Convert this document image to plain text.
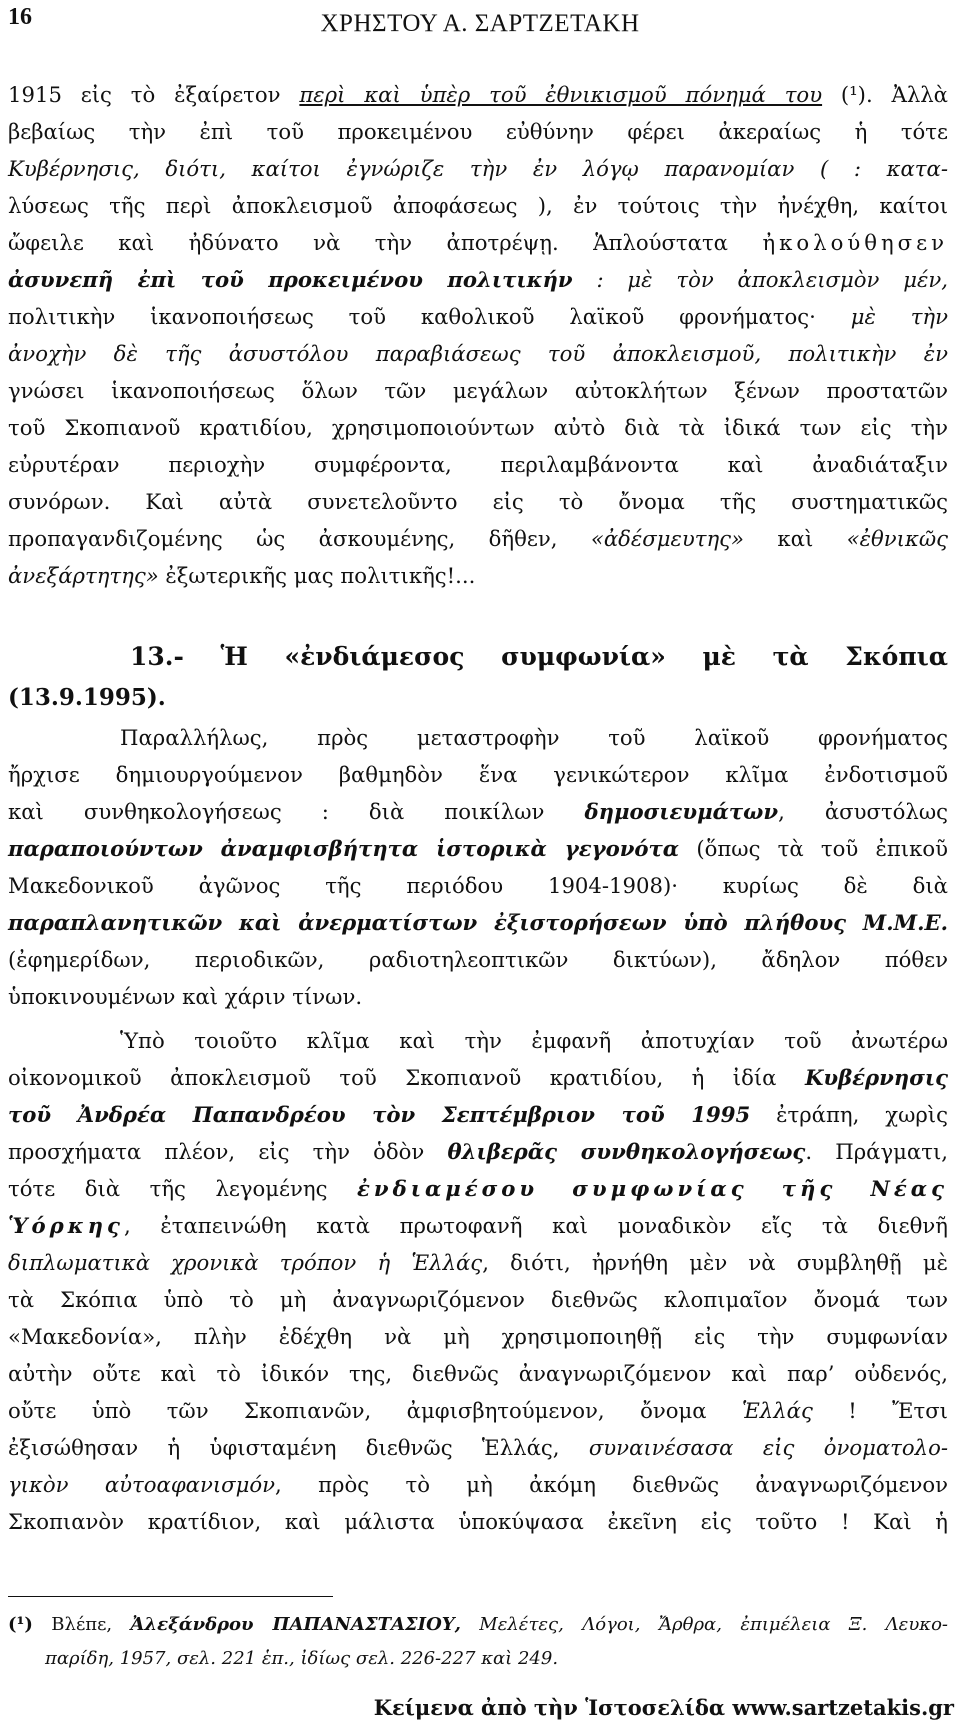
16	ΧΡΗΣΤΟΥ Α. ΣΑΡΤΖΕΤΑΚΗ
1915 εἰς τὸ ἐξαίρετον περὶ καὶ ὑπὲρ τοῦ ἐθνικισμοῦ πόνημά του (¹). Ἀλλὰ
βεβαίως τὴν ἐπὶ τοῦ προκειμένου εὐθύνην φέρει ἀκεραίως ἡ τότε
Κυβέρνησις, διότι, καίτοι ἐγνώριζε τὴν ἐν λόγῳ παρανομίαν ( : κατα-
λύσεως τῆς περὶ ἀποκλεισμοῦ ἀποφάσεως ), ἐν τούτοις τὴν ἠνέχθη, καίτοι
ὤφειλε καὶ ἠδύνατο νὰ τὴν ἀποτρέψῃ. Ἁπλούστατα ἠκολούθησεν
ἀσυνεπῆ ἐπὶ τοῦ προκειμένου πολιτικήν : μὲ τὸν ἀποκλεισμὸν μέν,
πολιτικὴν ἱκανοποιήσεως τοῦ καθολικοῦ λαϊκοῦ φρονήματος· μὲ τὴν
ἀνοχὴν δὲ τῆς ἀσυστόλου παραβιάσεως τοῦ ἀποκλεισμοῦ, πολιτικὴν ἐν
γνώσει ἱκανοποιήσεως ὅλων τῶν μεγάλων αὐτοκλήτων ξένων προστατῶν
τοῦ Σκοπιανοῦ κρατιδίου, χρησιμοποιούντων αὐτὸ διὰ τὰ ἰδικά των εἰς τὴν
εὐρυτέραν περιοχὴν συμφέροντα, περιλαμβάνοντα καὶ ἀναδιάταξιν
συνόρων. Καὶ αὐτὰ συνετελοῦντο εἰς τὸ ὄνομα τῆς συστηματικῶς
προπαγανδιζομένης ὡς ἀσκουμένης, δῆθεν, «ἀδέσμευτης» καὶ «ἐθνικῶς
ἀνεξάρτητης» ἐξωτερικῆς μας πολιτικῆς!...
13.- Ἡ «ἐνδιάμεσος συμφωνία» μὲ τὰ Σκόπια
(13.9.1995).
Παραλλήλως, πρὸς μεταστροφὴν τοῦ λαϊκοῦ φρονήματος
ἤρχισε δημιουργούμενον βαθμηδὸν ἕνα γενικώτερον κλῖμα ἐνδοτισμοῦ
καὶ συνθηκολογήσεως : διὰ ποικίλων δημοσιευμάτων, ἀσυστόλως
παραποιούντων ἀναμφισβήτητα ἱστορικὰ γεγονότα (ὅπως τὰ τοῦ ἐπικοῦ
Μακεδονικοῦ ἀγῶνος τῆς περιόδου 1904-1908)· κυρίως δὲ διὰ
παραπλανητικῶν καὶ ἀνερματίστων ἐξιστορήσεων ὑπὸ πλήθους Μ.Μ.Ε.
(ἐφημερίδων, περιοδικῶν, ραδιοτηλεοπτικῶν δικτύων), ἄδηλον πόθεν
ὑποκινουμένων καὶ χάριν τίνων.
Ὑπὸ τοιοῦτο κλῖμα καὶ τὴν ἐμφανῆ ἀποτυχίαν τοῦ ἀνωτέρω
οἰκονομικοῦ ἀποκλεισμοῦ τοῦ Σκοπιανοῦ κρατιδίου, ἡ ἰδία Κυβέρνησις
τοῦ Ἀνδρέα Παπανδρέου τὸν Σεπτέμβριον τοῦ 1995 ἐτράπη, χωρὶς
προσχήματα πλέον, εἰς τὴν ὁδὸν θλιβερᾶς συνθηκολογήσεως. Πράγματι,
τότε διὰ τῆς λεγομένης ἐνδιαμέσου συμφωνίας τῆς Νέας
Ὑόρκης, ἐταπεινώθη κατὰ πρωτοφανῆ καὶ μοναδικὸν εἴς τὰ διεθνῆ
διπλωματικὰ χρονικὰ τρόπον ἡ Ἑλλάς, διότι, ἠρνήθη μὲν νὰ συμβληθῇ μὲ
τὰ Σκόπια ὑπὸ τὸ μὴ ἀναγνωριζόμενον διεθνῶς κλοπιμαῖον ὄνομά των
«Μακεδονία», πλὴν ἐδέχθη νὰ μὴ χρησιμοποιηθῇ εἰς τὴν συμφωνίαν
αὐτὴν οὔτε καὶ τὸ ἰδικόν της, διεθνῶς ἀναγνωριζόμενον καὶ παρ’ οὐδενός,
οὔτε ὑπὸ τῶν Σκοπιανῶν, ἀμφισβητούμενον, ὄνομα Ἑλλάς ! Ἔτσι
ἐξισώθησαν ἡ ὑφισταμένη διεθνῶς Ἑλλάς, συναινέσασα εἰς ὀνοματολο-
γικὸν αὐτοαφανισμόν, πρὸς τὸ μὴ ἀκόμη διεθνῶς ἀναγνωριζόμενον
Σκοπιανὸν κρατίδιον, καὶ μάλιστα ὑποκύψασα ἐκεῖνη εἰς τοῦτο ! Καὶ ἡ
(¹) Βλέπε, Ἀλεξάνδρου ΠΑΠΑΝΑΣΤΑΣΙΟΥ, Μελέτες, Λόγοι, Ἄρθρα, ἐπιμέλεια Ξ. Λευκο-
παρίδη, 1957, σελ. 221 ἑπ., ἰδίως σελ. 226-227 καὶ 249.
Κείμενα ἀπὸ τὴν Ἱστοσελίδα www.sartzetakis.gr
